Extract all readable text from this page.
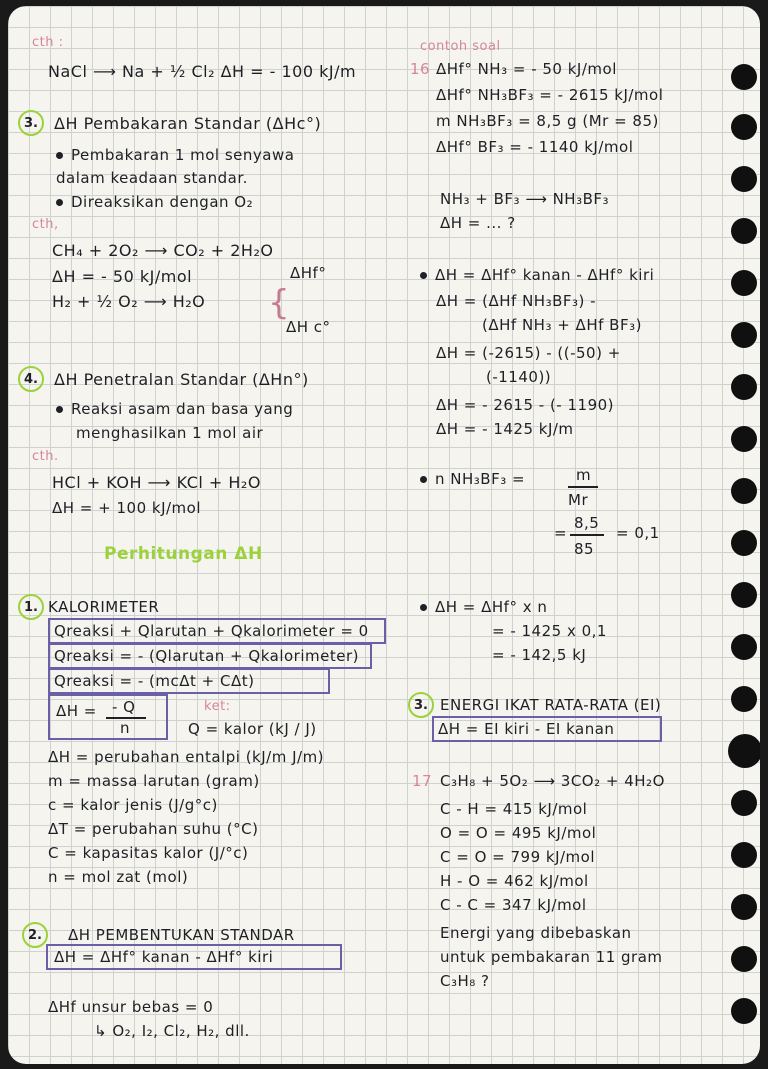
cth :
NaCl ⟶ Na + ½ Cl₂ ΔH = - 100 kJ/m
3.	ΔH Pembakaran Standar (ΔHc°)
Pembakaran 1 mol senyawa
dalam keadaan standar.
Direaksikan dengan O₂
cth,
CH₄ + 2O₂ ⟶ CO₂ + 2H₂O
ΔH = - 50 kJ/mol	ΔHf°
H₂ + ½ O₂ ⟶ H₂O {
ΔH c°
4.	ΔH Penetralan Standar (ΔHn°)
Reaksi asam dan basa yang
menghasilkan 1 mol air
cth.
HCl + KOH ⟶ KCl + H₂O
ΔH = + 100 kJ/mol
Perhitungan ΔH
1. KALORIMETER
Qreaksi + Qlarutan + Qkalorimeter = 0
Qreaksi = - (Qlarutan + Qkalorimeter)
Qreaksi = - (mcΔt + CΔt)
ΔH = - Q
n
ket:
Q = kalor (kJ / J)
ΔH = perubahan entalpi (kJ/m J/m)
m = massa larutan (gram)
c = kalor jenis (J/g°c)
ΔT = perubahan suhu (°C)
C = kapasitas kalor (J/°c)
n = mol zat (mol)
2.	ΔH PEMBENTUKAN STANDAR
ΔH = ΔHf° kanan - ΔHf° kiri
ΔHf unsur bebas = 0
↳ O₂, I₂, Cl₂, H₂, dll.
contoh soal
16 ΔHf° NH₃ = - 50 kJ/mol
ΔHf° NH₃BF₃ = - 2615 kJ/mol
m NH₃BF₃ = 8,5 g (Mr = 85)
ΔHf° BF₃ = - 1140 kJ/mol
NH₃ + BF₃ ⟶ NH₃BF₃
ΔH = ... ?
ΔH = ΔHf° kanan - ΔHf° kiri
ΔH = (ΔHf NH₃BF₃) -
(ΔHf NH₃ + ΔHf BF₃)
ΔH = (-2615) - ((-50) +
(-1140))
ΔH = - 2615 - (- 1190)
ΔH = - 1425 kJ/m
n NH₃BF₃ =	m
Mr
=
8,5
85
= 0,1
ΔH = ΔHf° x n
= - 1425 x 0,1
= - 142,5 kJ
3. ENERGI IKAT RATA-RATA (EI)
ΔH = EI kiri - EI kanan
17 C₃H₈ + 5O₂ ⟶ 3CO₂ + 4H₂O
C - H = 415 kJ/mol
O = O = 495 kJ/mol
C = O = 799 kJ/mol
H - O = 462 kJ/mol
C - C = 347 kJ/mol
Energi yang dibebaskan
untuk pembakaran 11 gram
C₃H₈ ?
